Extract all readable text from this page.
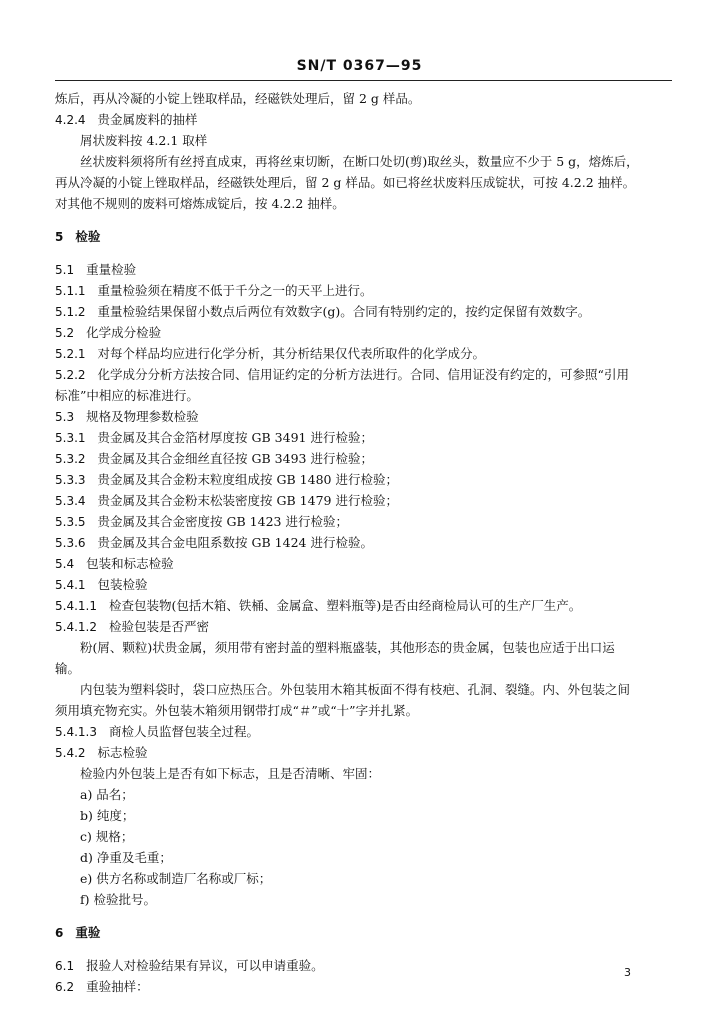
SN/T 0367—95
炼后，再从冷凝的小锭上锉取样品，经磁铁处理后，留 2 g 样品。
4.2.4 贵金属废料的抽样
屑状废料按 4.2.1 取样
丝状废料须将所有丝捋直成束，再将丝束切断，在断口处切(剪)取丝头，数量应不少于 5 g，熔炼后，
再从冷凝的小锭上锉取样品，经磁铁处理后，留 2 g 样品。如已将丝状废料压成锭状，可按 4.2.2 抽样。
对其他不规则的废料可熔炼成锭后，按 4.2.2 抽样。
5 检验
5.1 重量检验
5.1.1 重量检验须在精度不低于千分之一的天平上进行。
5.1.2 重量检验结果保留小数点后两位有效数字(g)。合同有特别约定的，按约定保留有效数字。
5.2 化学成分检验
5.2.1 对每个样品均应进行化学分析，其分析结果仅代表所取件的化学成分。
5.2.2 化学成分分析方法按合同、信用证约定的分析方法进行。合同、信用证没有约定的，可参照“引用
标准”中相应的标准进行。
5.3 规格及物理参数检验
5.3.1 贵金属及其合金箔材厚度按 GB 3491 进行检验；
5.3.2 贵金属及其合金细丝直径按 GB 3493 进行检验；
5.3.3 贵金属及其合金粉末粒度组成按 GB 1480 进行检验；
5.3.4 贵金属及其合金粉末松装密度按 GB 1479 进行检验；
5.3.5 贵金属及其合金密度按 GB 1423 进行检验；
5.3.6 贵金属及其合金电阻系数按 GB 1424 进行检验。
5.4 包装和标志检验
5.4.1 包装检验
5.4.1.1 检查包装物(包括木箱、铁桶、金属盒、塑料瓶等)是否由经商检局认可的生产厂生产。
5.4.1.2 检验包装是否严密
粉(屑、颗粒)状贵金属，须用带有密封盖的塑料瓶盛装，其他形态的贵金属，包装也应适于出口运
输。
内包装为塑料袋时，袋口应热压合。外包装用木箱其板面不得有枝疤、孔洞、裂缝。内、外包装之间
须用填充物充实。外包装木箱须用钢带打成“＃”或“十”字并扎紧。
5.4.1.3 商检人员监督包装全过程。
5.4.2 标志检验
检验内外包装上是否有如下标志，且是否清晰、牢固：
a) 品名；
b) 纯度；
c) 规格；
d) 净重及毛重；
e) 供方名称或制造厂名称或厂标；
f) 检验批号。
6 重验
6.1 报验人对检验结果有异议，可以申请重验。
6.2 重验抽样：
3
